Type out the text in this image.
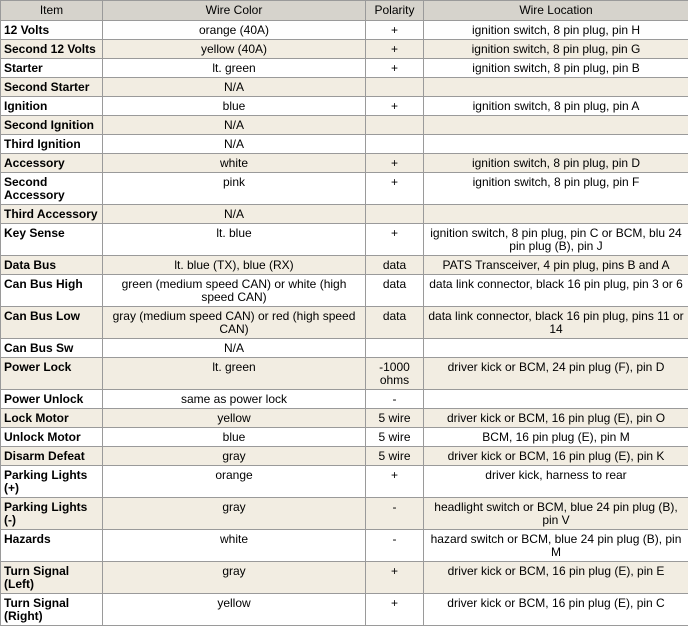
Item	Wire Color	Polarity	Wire Location
12 Volts	orange (40A)	+	ignition switch, 8 pin plug, pin H
Second 12 Volts	yellow (40A)	+	ignition switch, 8 pin plug, pin G
Starter	lt. green	+	ignition switch, 8 pin plug, pin B
Second Starter	N/A		
Ignition	blue	+	ignition switch, 8 pin plug, pin A
Second Ignition	N/A		
Third Ignition	N/A		
Accessory	white	+	ignition switch, 8 pin plug, pin D
Second Accessory	pink	+	ignition switch, 8 pin plug, pin F
Third Accessory	N/A		
Key Sense	lt. blue	+	ignition switch, 8 pin plug, pin C or BCM, blu 24 pin plug (B), pin J
Data Bus	lt. blue (TX), blue (RX)	data	PATS Transceiver, 4 pin plug, pins B and A
Can Bus High	green (medium speed CAN) or white (high speed CAN)	data	data link connector, black 16 pin plug, pin 3 or 6
Can Bus Low	gray (medium speed CAN) or red (high speed CAN)	data	data link connector, black 16 pin plug, pins 11 or 14
Can Bus Sw	N/A		
Power Lock	lt. green	-1000 ohms	driver kick or BCM, 24 pin plug (F), pin D
Power Unlock	same as power lock	-	
Lock Motor	yellow	5 wire	driver kick or BCM, 16 pin plug (E), pin O
Unlock Motor	blue	5 wire	BCM, 16 pin plug (E), pin M
Disarm Defeat	gray	5 wire	driver kick or BCM, 16 pin plug (E), pin K
Parking Lights (+)	orange	+	driver kick, harness to rear
Parking Lights (-)	gray	-	headlight switch or BCM, blue 24 pin plug (B), pin V
Hazards	white	-	hazard switch or BCM, blue 24 pin plug (B), pin M
Turn Signal (Left)	gray	+	driver kick or BCM, 16 pin plug (E), pin E
Turn Signal (Right)	yellow	+	driver kick or BCM, 16 pin plug (E), pin C
